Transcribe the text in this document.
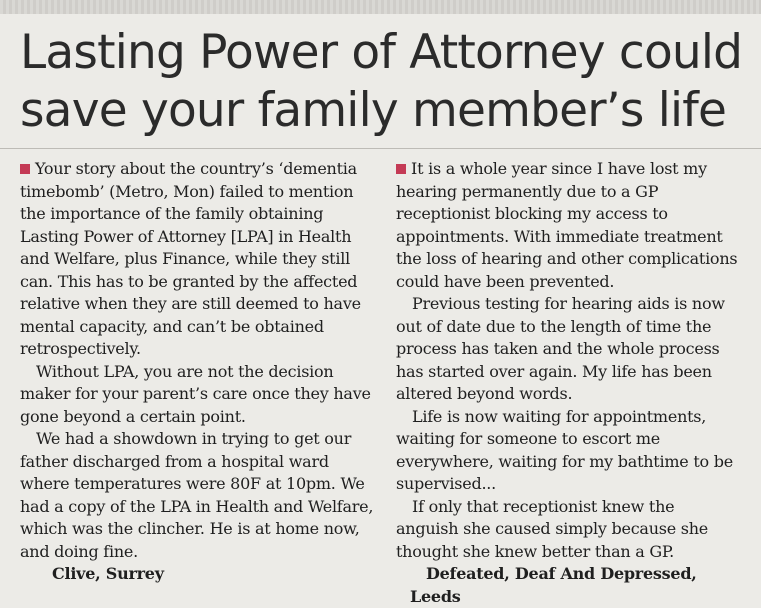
Lasting Power of Attorney could save your family member’s life

Your story about the country’s ‘dementia timebomb’ (Metro, Mon) failed to mention the importance of the family obtaining Lasting Power of Attorney [LPA] in Health and Welfare, plus Finance, while they still can. This has to be granted by the affected relative when they are still deemed to have mental capacity, and can’t be obtained retrospectively.

Without LPA, you are not the decision maker for your parent’s care once they have gone beyond a certain point.

We had a showdown in trying to get our father discharged from a hospital ward where temperatures were 80F at 10pm. We had a copy of the LPA in Health and Welfare, which was the clincher. He is at home now, and doing fine.

Clive, Surrey

It is a whole year since I have lost my hearing permanently due to a GP receptionist blocking my access to appointments. With immediate treatment the loss of hearing and other complications could have been prevented.

Previous testing for hearing aids is now out of date due to the length of time the process has taken and the whole process has started over again. My life has been altered beyond words.

Life is now waiting for appointments, waiting for someone to escort me everywhere, waiting for my bathtime to be supervised...

If only that receptionist knew the anguish she caused simply because she thought she knew better than a GP.

Defeated, Deaf And Depressed, Leeds
